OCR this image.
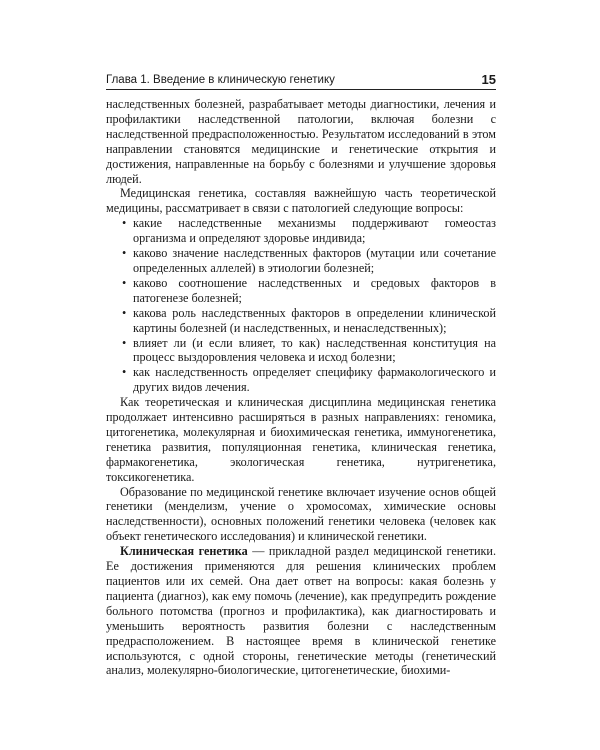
Глава 1. Введение в клиническую генетику	15

наследственных болезней, разрабатывает методы диагностики, лечения и профилактики наследственной патологии, включая болезни с наследственной предрасположенностью. Результатом исследований в этом направлении становятся медицинские и генетические открытия и достижения, направленные на борьбу с болезнями и улучшение здоровья людей.

Медицинская генетика, составляя важнейшую часть теоретической медицины, рассматривает в связи с патологией следующие вопросы:

• какие наследственные механизмы поддерживают гомеостаз организма и определяют здоровье индивида;
• каково значение наследственных факторов (мутации или сочетание определенных аллелей) в этиологии болезней;
• каково соотношение наследственных и средовых факторов в патогенезе болезней;
• какова роль наследственных факторов в определении клинической картины болезней (и наследственных, и ненаследственных);
• влияет ли (и если влияет, то как) наследственная конституция на процесс выздоровления человека и исход болезни;
• как наследственность определяет специфику фармакологического и других видов лечения.

Как теоретическая и клиническая дисциплина медицинская генетика продолжает интенсивно расширяться в разных направлениях: геномика, цитогенетика, молекулярная и биохимическая генетика, иммуногенетика, генетика развития, популяционная генетика, клиническая генетика, фармакогенетика, экологическая генетика, нутригенетика, токсикогенетика.

Образование по медицинской генетике включает изучение основ общей генетики (менделизм, учение о хромосомах, химические основы наследственности), основных положений генетики человека (человек как объект генетического исследования) и клинической генетики.

Клиническая генетика — прикладной раздел медицинской генетики. Ее достижения применяются для решения клинических проблем пациентов или их семей. Она дает ответ на вопросы: какая болезнь у пациента (диагноз), как ему помочь (лечение), как предупредить рождение больного потомства (прогноз и профилактика), как диагностировать и уменьшить вероятность развития болезни с наследственным предрасположением. В настоящее время в клинической генетике используются, с одной стороны, генетические методы (генетический анализ, молекулярно-биологические, цитогенетические, биохими-
